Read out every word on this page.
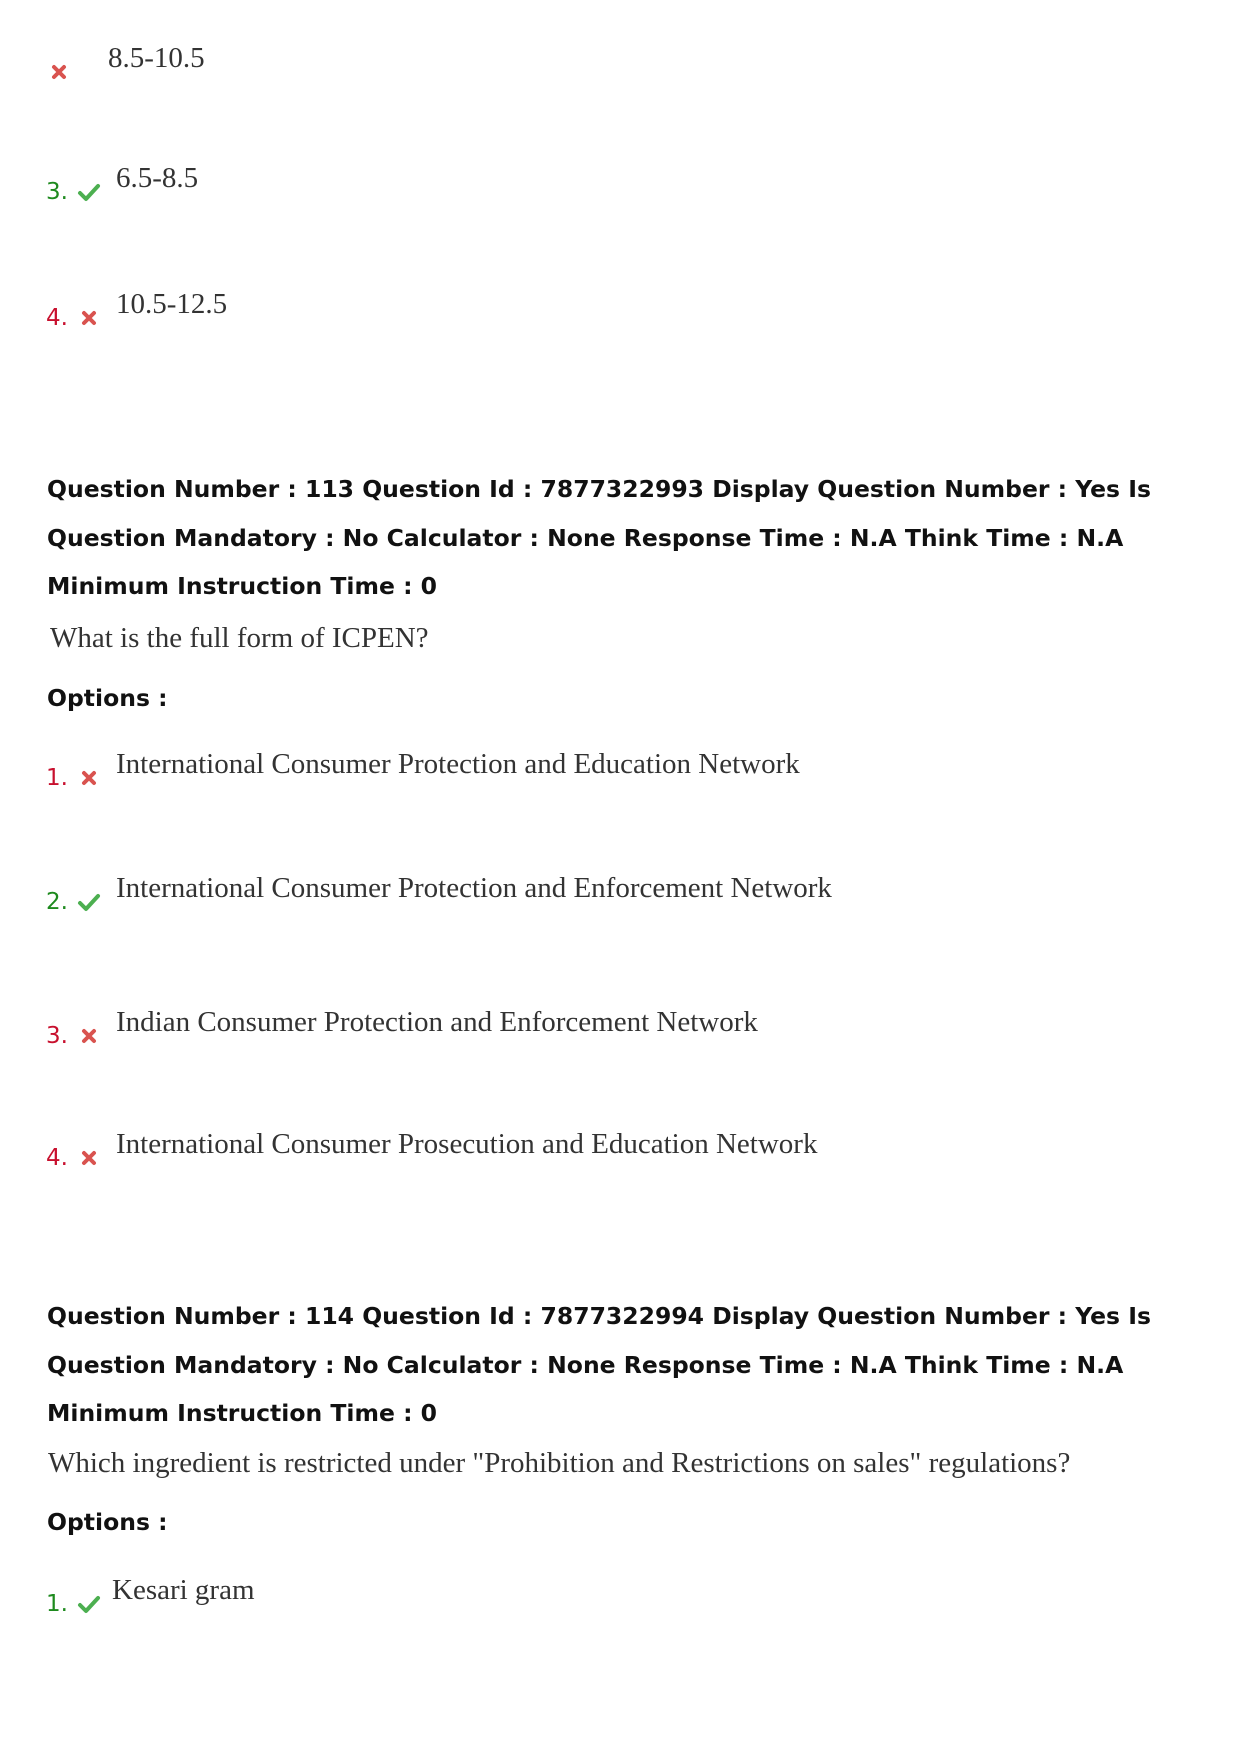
8.5-10.5
3. 6.5-8.5
4. 10.5-12.5

Question Number : 113 Question Id : 7877322993 Display Question Number : Yes Is Question Mandatory : No Calculator : None Response Time : N.A Think Time : N.A Minimum Instruction Time : 0

What is the full form of ICPEN?
Options :
1. International Consumer Protection and Education Network
2. International Consumer Protection and Enforcement Network
3. Indian Consumer Protection and Enforcement Network
4. International Consumer Prosecution and Education Network

Question Number : 114 Question Id : 7877322994 Display Question Number : Yes Is Question Mandatory : No Calculator : None Response Time : N.A Think Time : N.A Minimum Instruction Time : 0

Which ingredient is restricted under "Prohibition and Restrictions on sales" regulations?
Options :
1. Kesari gram
